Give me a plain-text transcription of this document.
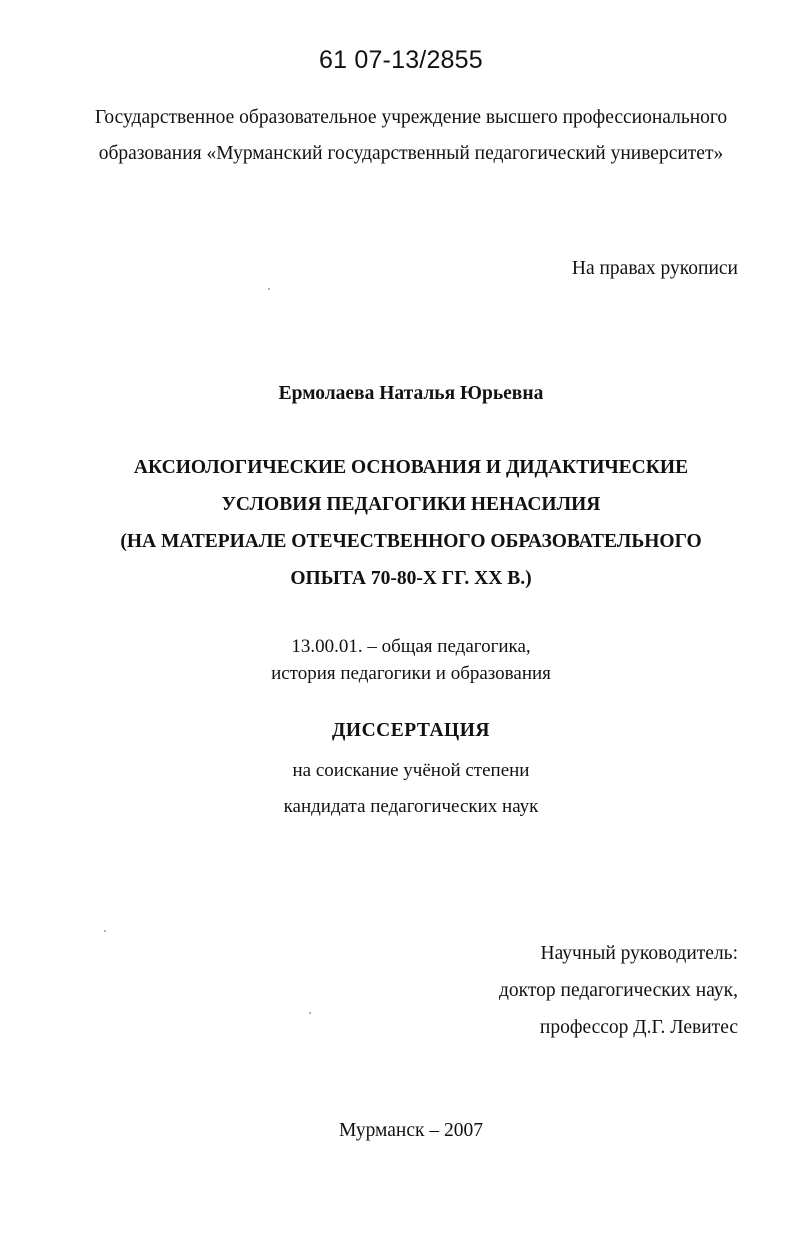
61 07-13/2855
Государственное образовательное учреждение высшего профессионального
образования «Мурманский государственный педагогический университет»
На правах рукописи
Ермолаева Наталья Юрьевна
АКСИОЛОГИЧЕСКИЕ ОСНОВАНИЯ И ДИДАКТИЧЕСКИЕ
УСЛОВИЯ ПЕДАГОГИКИ НЕНАСИЛИЯ
(НА МАТЕРИАЛЕ ОТЕЧЕСТВЕННОГО ОБРАЗОВАТЕЛЬНОГО
ОПЫТА 70-80-Х ГГ. XX В.)
13.00.01. – общая педагогика,
история педагогики и образования
ДИССЕРТАЦИЯ
на соискание учёной степени
кандидата педагогических наук
Научный руководитель:
доктор педагогических наук,
профессор Д.Г. Левитес
Мурманск – 2007
